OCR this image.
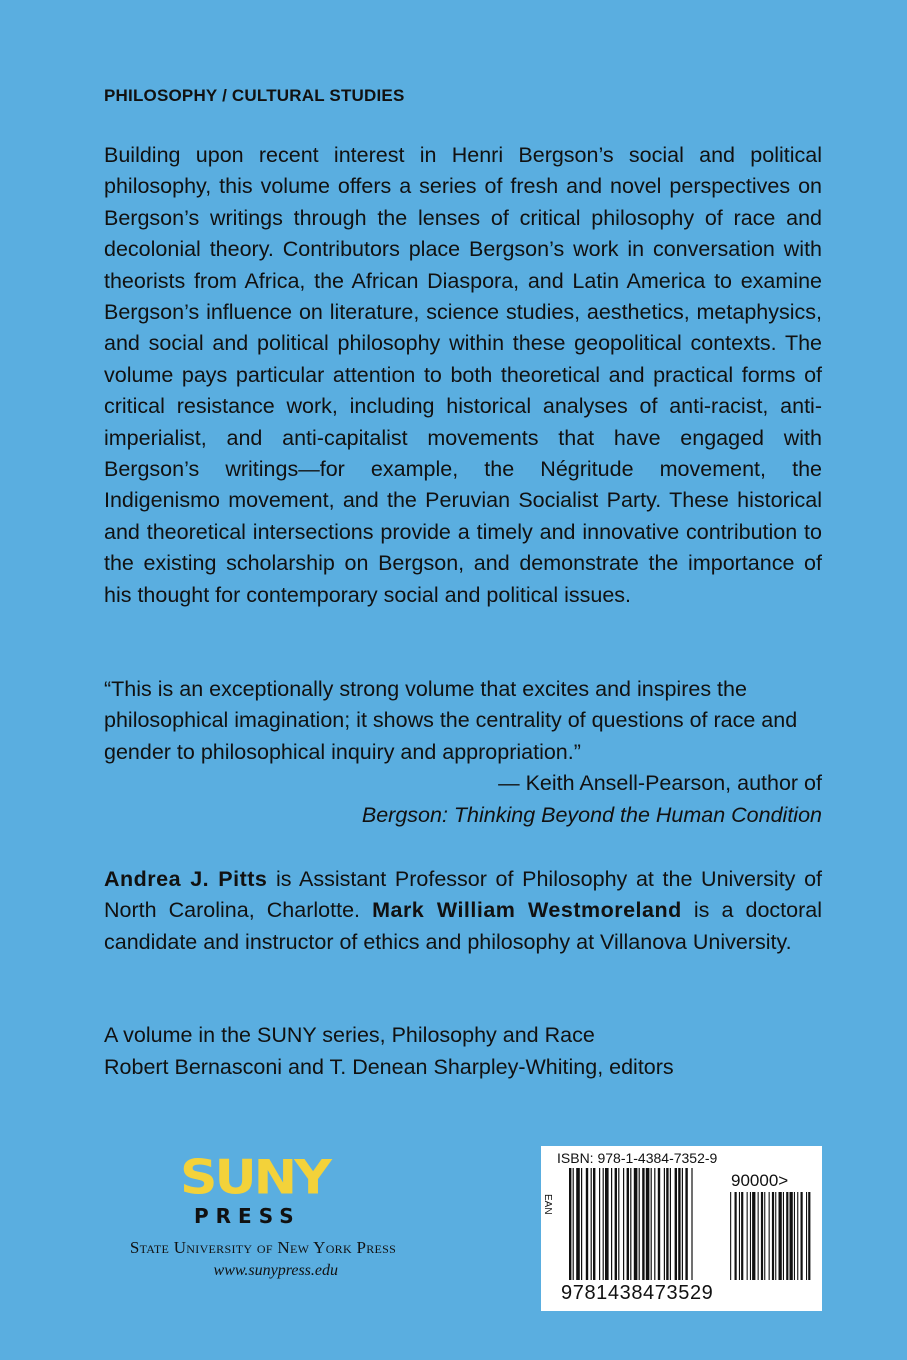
PHILOSOPHY / CULTURAL STUDIES

Building upon recent interest in Henri Bergson’s social and political philosophy, this volume offers a series of fresh and novel perspectives on Bergson’s writings through the lenses of critical philosophy of race and decolonial theory. Contributors place Bergson’s work in conversation with theorists from Africa, the African Diaspora, and Latin America to examine Bergson’s influence on literature, science studies, aesthetics, metaphysics, and social and political philosophy within these geopolitical contexts. The volume pays particular attention to both theoretical and practical forms of critical resistance work, including historical analyses of anti-racist, anti-imperialist, and anti-capitalist movements that have engaged with Bergson’s writings—for example, the Négritude movement, the Indigenismo movement, and the Peruvian Socialist Party. These historical and theoretical intersections provide a timely and innovative contribution to the existing scholarship on Bergson, and demonstrate the importance of his thought for contemporary social and political issues.

“This is an exceptionally strong volume that excites and inspires the philosophical imagination; it shows the centrality of questions of race and gender to philosophical inquiry and appropriation.”

— Keith Ansell-Pearson, author of
Bergson: Thinking Beyond the Human Condition

Andrea J. Pitts is Assistant Professor of Philosophy at the University of North Carolina, Charlotte. Mark William Westmoreland is a doctoral candidate and instructor of ethics and philosophy at Villanova University.

A volume in the SUNY series, Philosophy and Race
Robert Bernasconi and T. Denean Sharpley-Whiting, editors
SUNY
PRESS
State University of New York Press
www.sunypress.edu
ISBN: 978-1-4384-7352-9
90000>
EAN
9781438473529
